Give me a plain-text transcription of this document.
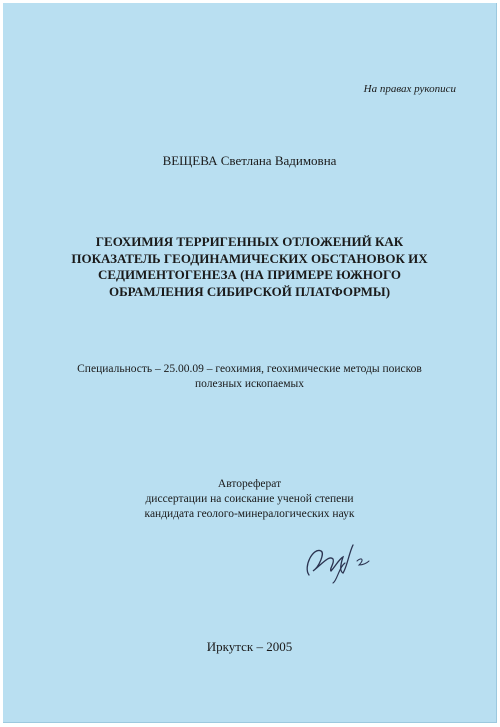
На правах рукописи
ВЕЩЕВА Светлана Вадимовна
ГЕОХИМИЯ ТЕРРИГЕННЫХ ОТЛОЖЕНИЙ КАК
ПОКАЗАТЕЛЬ ГЕОДИНАМИЧЕСКИХ ОБСТАНОВОК ИХ
СЕДИМЕНТОГЕНЕЗА (НА ПРИМЕРЕ ЮЖНОГО
ОБРАМЛЕНИЯ СИБИРСКОЙ ПЛАТФОРМЫ)
Специальность – 25.00.09 – геохимия, геохимические методы поисков
полезных ископаемых
Автореферат
диссертации на соискание ученой степени
кандидата геолого-минералогических наук
Иркутск – 2005
